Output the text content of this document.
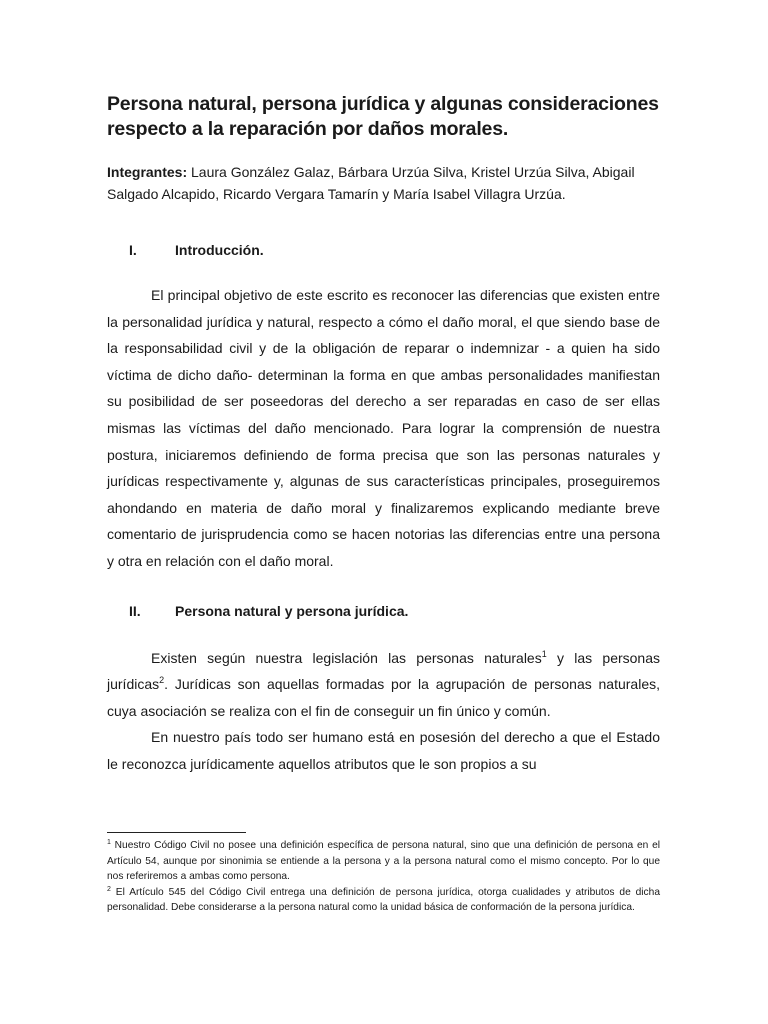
Persona natural, persona jurídica y algunas consideraciones respecto a la reparación por daños morales.
Integrantes: Laura González Galaz, Bárbara Urzúa Silva, Kristel Urzúa Silva, Abigail Salgado Alcapido, Ricardo Vergara Tamarín y María Isabel Villagra Urzúa.
I.	Introducción.

El principal objetivo de este escrito es reconocer las diferencias que existen entre la personalidad jurídica y natural, respecto a cómo el daño moral, el que siendo base de la responsabilidad civil y de la obligación de reparar o indemnizar - a quien ha sido víctima de dicho daño- determinan la forma en que ambas personalidades manifiestan su posibilidad de ser poseedoras del derecho a ser reparadas en caso de ser ellas mismas las víctimas del daño mencionado. Para lograr la comprensión de nuestra postura, iniciaremos definiendo de forma precisa que son las personas naturales y jurídicas respectivamente y, algunas de sus características principales, proseguiremos ahondando en materia de daño moral y finalizaremos explicando mediante breve comentario de jurisprudencia como se hacen notorias las diferencias entre una persona y otra en relación con el daño moral.

II.	Persona natural y persona jurídica.

Existen según nuestra legislación las personas naturales$^1$ y las personas jurídicas$^2$. Jurídicas son aquellas formadas por la agrupación de personas naturales, cuya asociación se realiza con el fin de conseguir un fin único y común.

En nuestro país todo ser humano está en posesión del derecho a que el Estado le reconozca jurídicamente aquellos atributos que le son propios a su

$^1$ Nuestro Código Civil no posee una definición específica de persona natural, sino que una definición de persona en el Artículo 54, aunque por sinonimia se entiende a la persona y a la persona natural como el mismo concepto. Por lo que nos referiremos a ambas como persona.

$^2$ El Artículo 545 del Código Civil entrega una definición de persona jurídica, otorga cualidades y atributos de dicha personalidad. Debe considerarse a la persona natural como la unidad básica de conformación de la persona jurídica.
